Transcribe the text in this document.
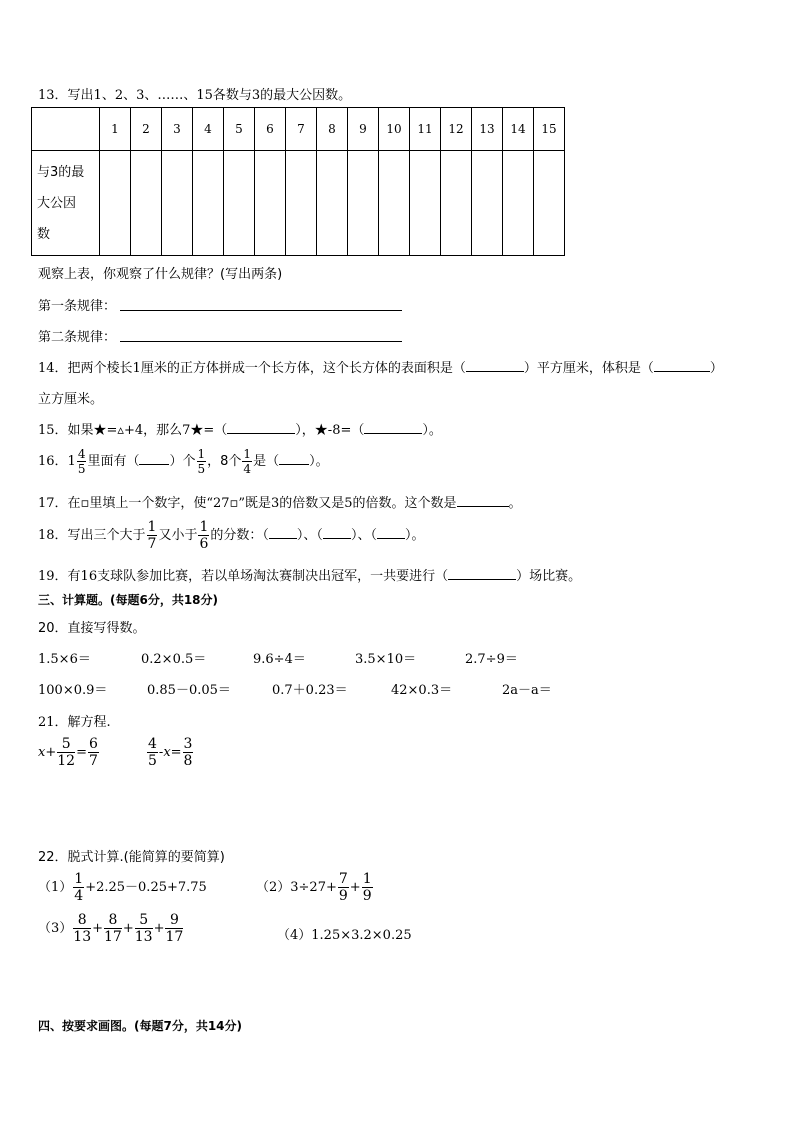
13．写出1、2、3、……、15各数与3的最大公因数。
	1	2	3	4	5	6	7	8	9	10	11	12	13	14	15

与3的最
大公因
数															

观察上表，你观察了什么规律？(写出两条)
第一条规律：
第二条规律：
14．把两个棱长1厘米的正方体拼成一个长方体，这个长方体的表面积是（	）平方厘米，体积是（	）
立方厘米。
15．如果★=▵+4，那么7★=（	），★-8=（	）。
16．$1 \frac{4}{5}$ 里面有（ ）个 $\frac{1}{5}$ ，8个 $\frac{1}{4}$ 是（ ）。
17．在▫里填上一个数字，使“27▫”既是3的倍数又是5的倍数。这个数是	。
18．写出三个大于 $\frac{1}{7}$ 又小于 $\frac{1}{6}$ 的分数：（ ）、（ ）、（ ）。
19．有16支球队参加比赛，若以单场淘汰赛制决出冠军，一共要进行（	）场比赛。
三、计算题。(每题6分，共18分)
20．直接写得数。
1.5×6＝	0.2×0.5＝	9.6÷4＝	3.5×10＝	2.7÷9＝
100×0.9＝	0.85－0.05＝	0.7＋0.23＝	42×0.3＝	2a－a＝
21．解方程.
$x+ \frac{5}{12} = \frac{6}{7}$	$\frac{4}{5} -x= \frac{3}{8}$
22．脱式计算.(能简算的要简算)
$(1) \frac{1}{4} +2.25-0.25+7.75$	$(2)3\div 27+ \frac{7}{9} + \frac{1}{9}$
$(3) \frac{8}{13} + \frac{8}{17} + \frac{5}{13} + \frac{9}{17}$	（4）1.25×3.2×0.25
四、按要求画图。(每题7分，共14分)
